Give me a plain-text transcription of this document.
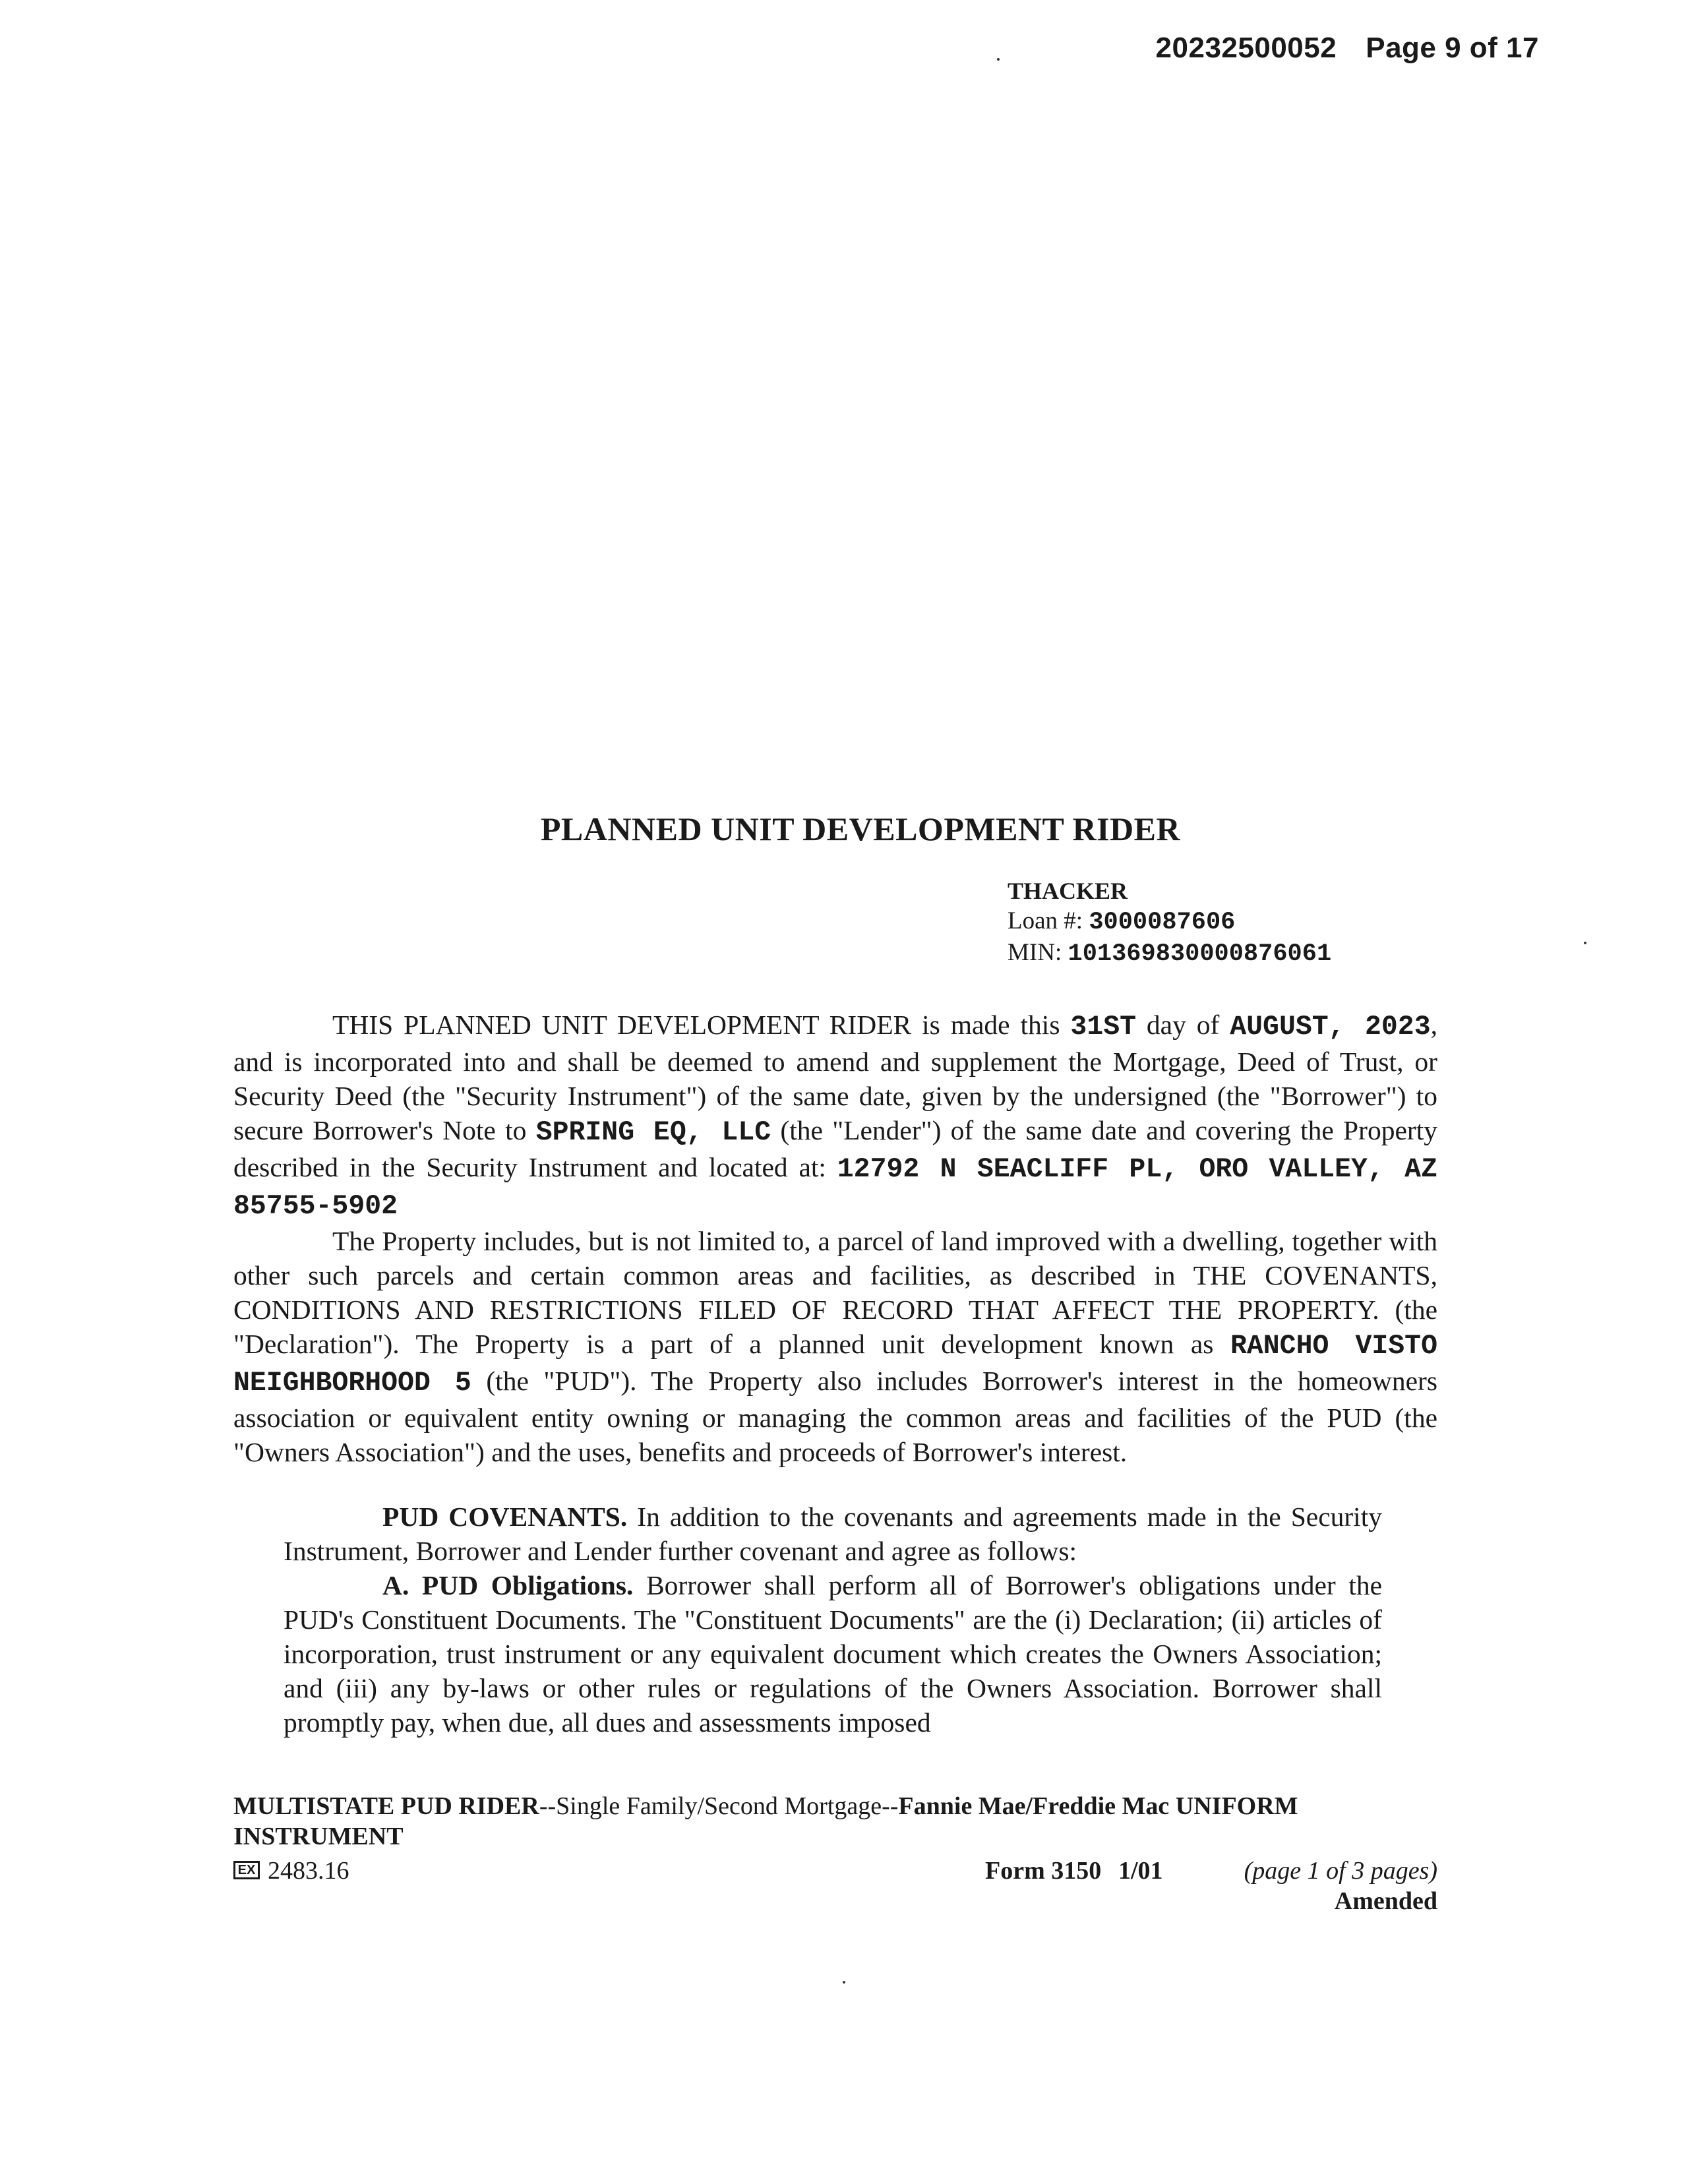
20232500052 Page 9 of 17
PLANNED UNIT DEVELOPMENT RIDER
THACKER
Loan #: 3000087606
MIN: 101369830000876061

THIS PLANNED UNIT DEVELOPMENT RIDER is made this 31ST day of AUGUST, 2023, and is incorporated into and shall be deemed to amend and supplement the Mortgage, Deed of Trust, or Security Deed (the "Security Instrument") of the same date, given by the undersigned (the "Borrower") to secure Borrower's Note to SPRING EQ, LLC (the "Lender") of the same date and covering the Property described in the Security Instrument and located at: 12792 N SEACLIFF PL, ORO VALLEY, AZ 85755-5902

The Property includes, but is not limited to, a parcel of land improved with a dwelling, together with other such parcels and certain common areas and facilities, as described in THE COVENANTS, CONDITIONS AND RESTRICTIONS FILED OF RECORD THAT AFFECT THE PROPERTY. (the "Declaration"). The Property is a part of a planned unit development known as RANCHO VISTO NEIGHBORHOOD 5 (the "PUD"). The Property also includes Borrower's interest in the homeowners association or equivalent entity owning or managing the common areas and facilities of the PUD (the "Owners Association") and the uses, benefits and proceeds of Borrower's interest.

PUD COVENANTS. In addition to the covenants and agreements made in the Security Instrument, Borrower and Lender further covenant and agree as follows:

A. PUD Obligations. Borrower shall perform all of Borrower's obligations under the PUD's Constituent Documents. The "Constituent Documents" are the (i) Declaration; (ii) articles of incorporation, trust instrument or any equivalent document which creates the Owners Association; and (iii) any by-laws or other rules or regulations of the Owners Association. Borrower shall promptly pay, when due, all dues and assessments imposed

MULTISTATE PUD RIDER--Single Family/Second Mortgage--Fannie Mae/Freddie Mac UNIFORM
INSTRUMENT
EX 2483.16	Form 3150 1/01	(page 1 of 3 pages)
Amended
